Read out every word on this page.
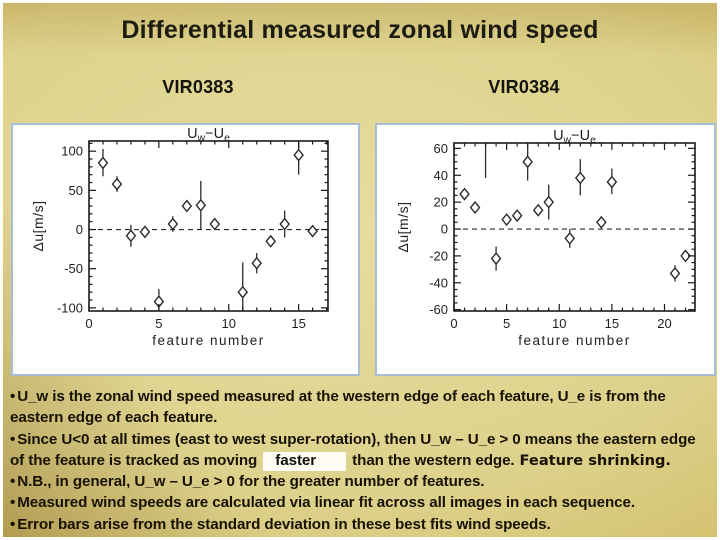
Differential measured zonal wind speed
VIR0383	VIR0384
-100
-50
0
50
100
0	5	10	15
feature number
Δu[m/s]
$U_w-U_e$
-60
-40
-20
0
20
40
60
0	5	10	15	20
feature number
Δu[m/s]
$U_w-U_e$
• U_w is the zonal wind speed measured at the western edge of each feature, U_e is from the eastern edge of each feature.
• Since U<0 at all times (east to west super-rotation), then U_w – U_e > 0 means the eastern edge of the feature is tracked as moving faster than the western edge. Feature shrinking.
• N.B., in general, U_w – U_e > 0 for the greater number of features.
• Measured wind speeds are calculated via linear fit across all images in each sequence.
• Error bars arise from the standard deviation in these best fits wind speeds.
